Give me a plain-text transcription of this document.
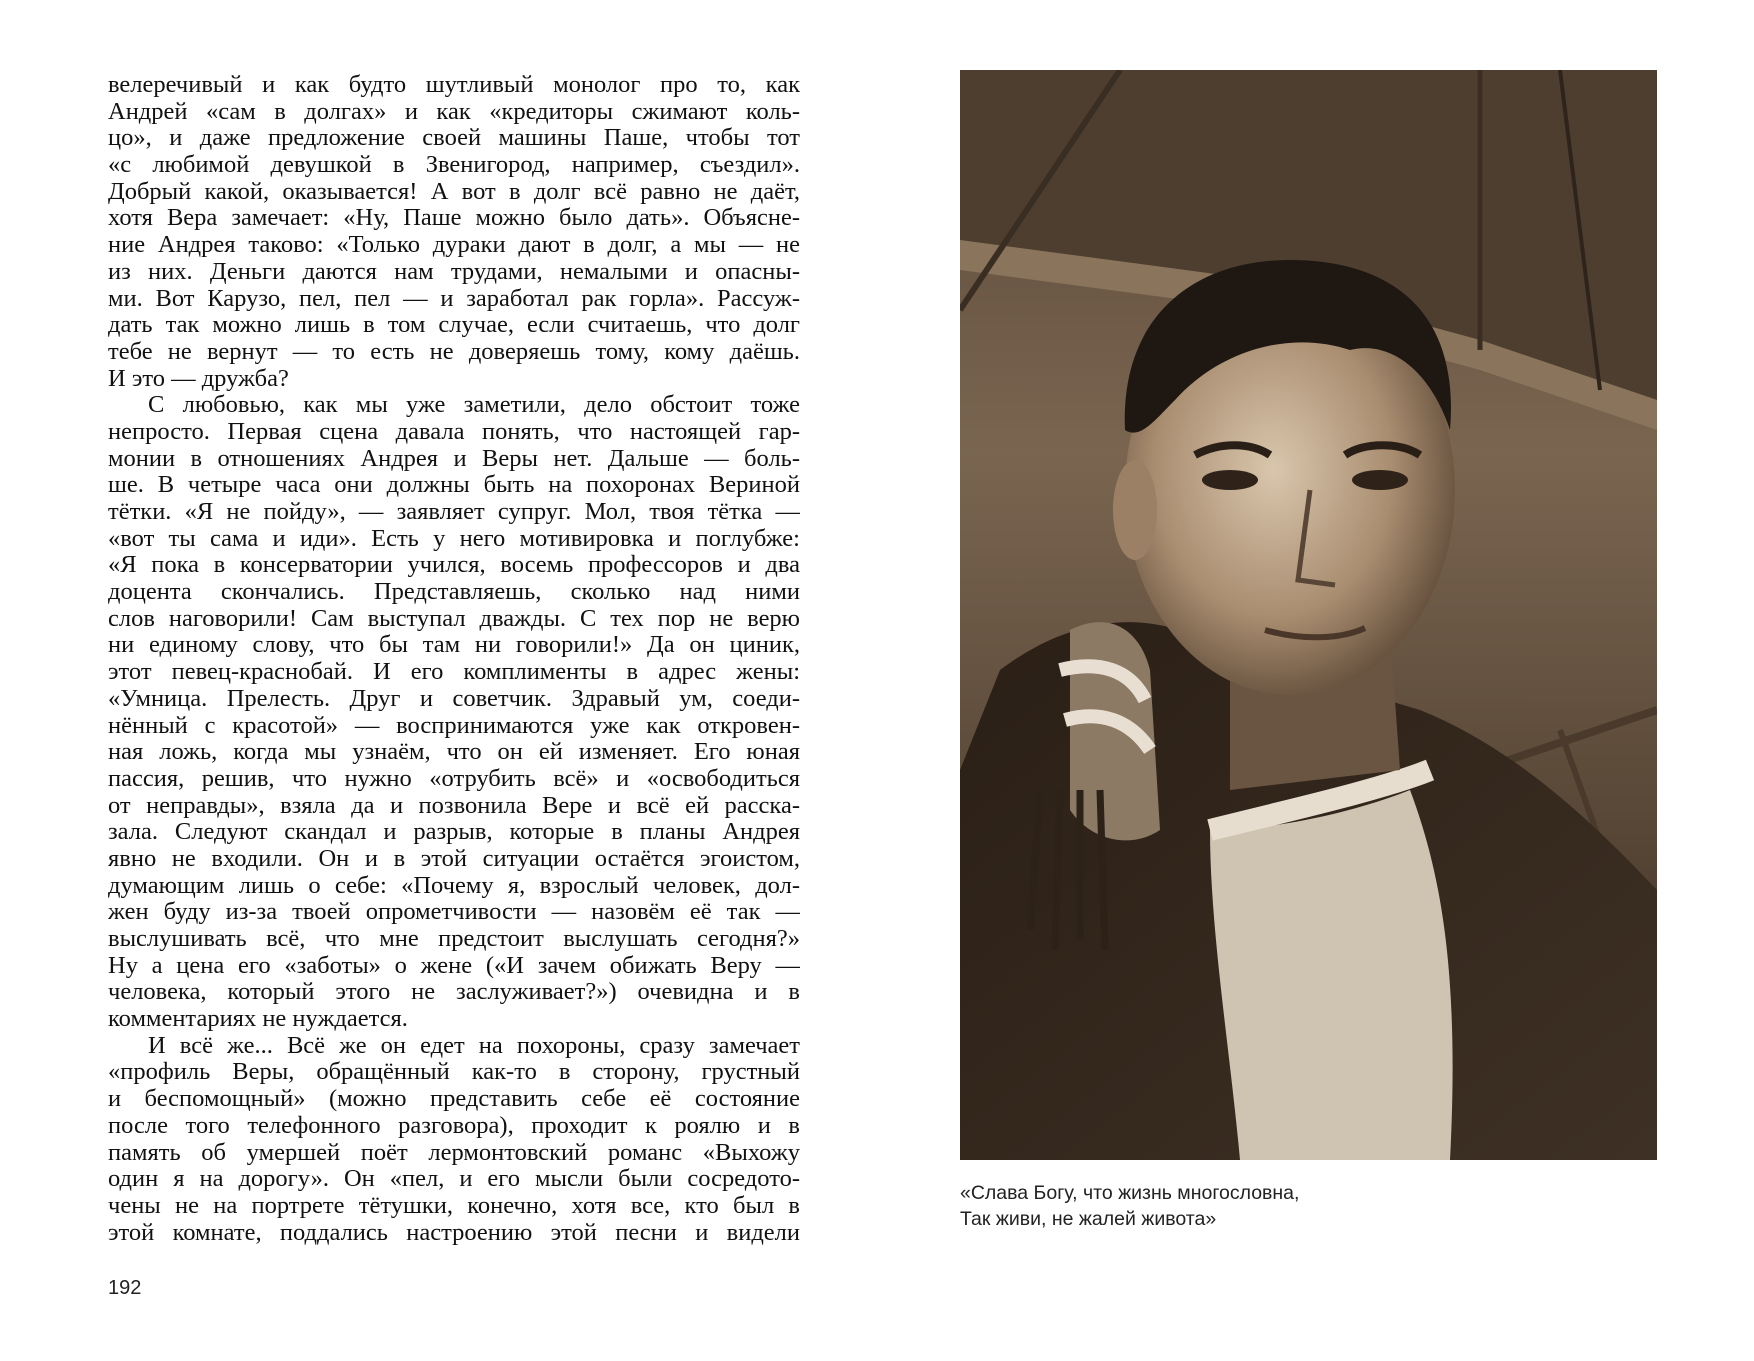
велеречивый и как будто шутливый монолог про то, как
Андрей «сам в долгах» и как «кредиторы сжимают коль-
цо», и даже предложение своей машины Паше, чтобы тот
«с любимой девушкой в Звенигород, например, съездил».
Добрый какой, оказывается! А вот в долг всё равно не даёт,
хотя Вера замечает: «Ну, Паше можно было дать». Объясне-
ние Андрея таково: «Только дураки дают в долг, а мы — не
из них. Деньги даются нам трудами, немалыми и опасны-
ми. Вот Карузо, пел, пел — и заработал рак горла». Рассуж-
дать так можно лишь в том случае, если считаешь, что долг
тебе не вернут — то есть не доверяешь тому, кому даёшь.
И это — дружба?
С любовью, как мы уже заметили, дело обстоит тоже
непросто. Первая сцена давала понять, что настоящей гар-
монии в отношениях Андрея и Веры нет. Дальше — боль-
ше. В четыре часа они должны быть на похоронах Вериной
тётки. «Я не пойду», — заявляет супруг. Мол, твоя тётка —
«вот ты сама и иди». Есть у него мотивировка и поглубже:
«Я пока в консерватории учился, восемь профессоров и два
доцента скончались. Представляешь, сколько над ними
слов наговорили! Сам выступал дважды. С тех пор не верю
ни единому слову, что бы там ни говорили!» Да он циник,
этот певец-краснобай. И его комплименты в адрес жены:
«Умница. Прелесть. Друг и советчик. Здравый ум, соеди-
нённый с красотой» — воспринимаются уже как откровен-
ная ложь, когда мы узнаём, что он ей изменяет. Его юная
пассия, решив, что нужно «отрубить всё» и «освободиться
от неправды», взяла да и позвонила Вере и всё ей расска-
зала. Следуют скандал и разрыв, которые в планы Андрея
явно не входили. Он и в этой ситуации остаётся эгоистом,
думающим лишь о себе: «Почему я, взрослый человек, дол-
жен буду из-за твоей опрометчивости — назовём её так —
выслушивать всё, что мне предстоит выслушать сегодня?»
Ну а цена его «заботы» о жене («И зачем обижать Веру —
человека, который этого не заслуживает?») очевидна и в
комментариях не нуждается.
И всё же... Всё же он едет на похороны, сразу замечает
«профиль Веры, обращённый как-то в сторону, грустный
и беспомощный» (можно представить себе её состояние
после того телефонного разговора), проходит к роялю и в
память об умершей поёт лермонтовский романс «Выхожу
один я на дорогу». Он «пел, и его мысли были сосредото-
чены не на портрете тётушки, конечно, хотя все, кто был в
этой комнате, поддались настроению этой песни и видели
192
«Слава Богу, что жизнь многословна,
Так живи, не жалей живота»
